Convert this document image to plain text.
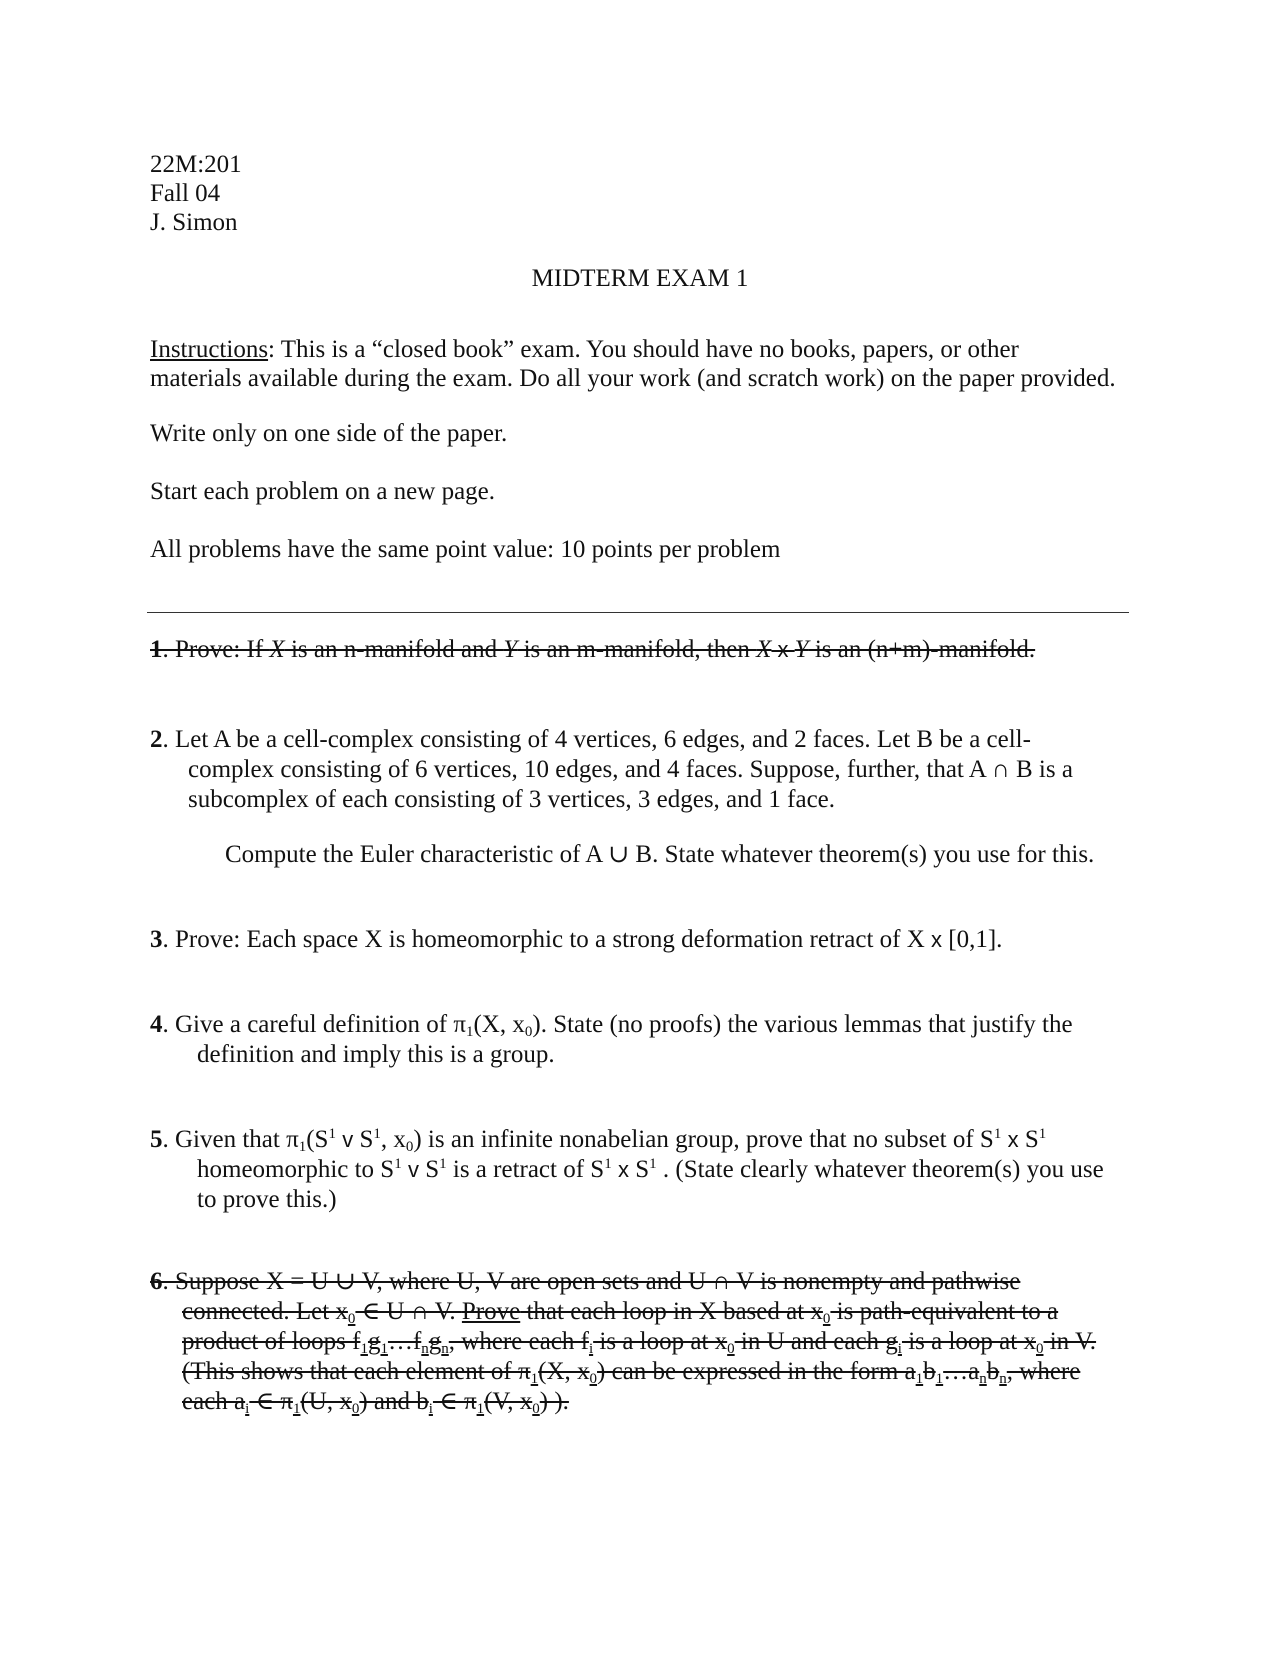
22M:201
Fall 04
J. Simon
MIDTERM EXAM 1
Instructions: This is a “closed book” exam. You should have no books, papers, or other
materials available during the exam. Do all your work (and scratch work) on the paper provided.
Write only on one side of the paper.
Start each problem on a new page.
All problems have the same point value: 10 points per problem
1. Prove: If X is an n-manifold and Y is an m-manifold, then X x Y is an (n+m)-manifold.
2. Let A be a cell-complex consisting of 4 vertices, 6 edges, and 2 faces. Let B be a cell-
complex consisting of 6 vertices, 10 edges, and 4 faces. Suppose, further, that A ∩ B is a
subcomplex of each consisting of 3 vertices, 3 edges, and 1 face.
Compute the Euler characteristic of A ∪ B. State whatever theorem(s) you use for this.
3. Prove: Each space X is homeomorphic to a strong deformation retract of X x [0,1].
4. Give a careful definition of $\pi_1(X$, $x_0$). State (no proofs) the various lemmas that justify the
definition and imply this is a group.
5. Given that $\pi_1(S^1$ v $S^1$, $x_0$) is an infinite nonabelian group, prove that no subset of $S^1$ x $S^1$
homeomorphic to $S^1$ v $S^1$ is a retract of $S^1$ x $S^1$ . (State clearly whatever theorem(s) you use
to prove this.)
6. Suppose X = U ∪ V, where U, V are open sets and U ∩ V is nonempty and pathwise
connected. Let $x_0$ ∈ U ∩ V. Prove that each loop in X based at $x_0$ is path-equivalent to a
product of loops $f_1g_1\dots f_ng_n$, where each $f_i$ is a loop at $x_0$ in U and each $g_i$ is a loop at $x_0$ in V.
(This shows that each element of $\pi_1(X$, $x_0$) can be expressed in the form $a_1b_1\dots a_nb_n$, where
each $a_i$ ∈ $\pi_1(U$, $x_0$) and $b_i$ ∈ $\pi_1(V$, $x_0$) ).
